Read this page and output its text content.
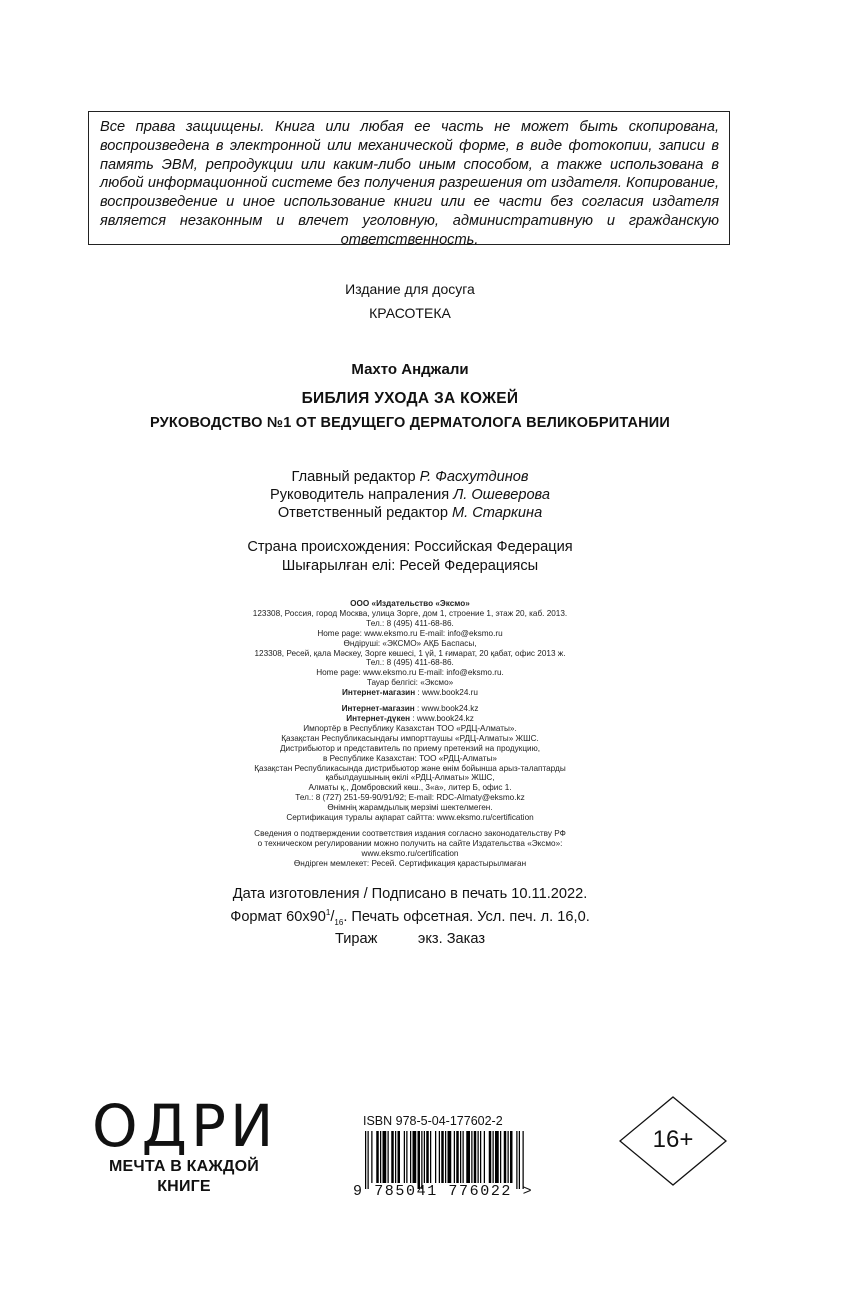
Все права защищены. Книга или любая ее часть не может быть скопирована, воспроизведена в электронной или механической форме, в виде фотокопии, записи в память ЭВМ, репродукции или каким-либо иным способом, а также использована в любой информационной системе без получения разрешения от издателя. Копирование, воспроизведение и иное использование книги или ее части без согласия издателя является незаконным и влечет уголовную, административную и гражданскую ответственность.

Издание для досуга
КРАСОТЕКА
Махто Анджали
БИБЛИЯ УХОДА ЗА КОЖЕЙ
РУКОВОДСТВО №1 ОТ ВЕДУЩЕГО ДЕРМАТОЛОГА ВЕЛИКОБРИТАНИИ
Главный редактор Р. Фасхутдинов
Руководитель напраления Л. Ошеверова
Ответственный редактор М. Старкина
Страна происхождения: Российская Федерация
Шығарылған елі: Ресей Федерациясы
ООО «Издательство «Эксмо»
123308, Россия, город Москва, улица Зорге, дом 1, строение 1, этаж 20, каб. 2013.
Тел.: 8 (495) 411-68-86.
Home page: www.eksmo.ru E-mail: info@eksmo.ru
Өндіруші: «ЭКСМО» АҚБ Баспасы,
123308, Ресей, қала Мәскеу, Зорге көшесі, 1 үй, 1 ғимарат, 20 қабат, офис 2013 ж.
Тел.: 8 (495) 411-68-86.
Home page: www.eksmo.ru E-mail: info@eksmo.ru.
Тауар белгісі: «Эксмо»
Интернет-магазин : www.book24.ru
Интернет-магазин : www.book24.kz
Интернет-дүкен : www.book24.kz
Импортёр в Республику Казахстан ТОО «РДЦ-Алматы».
Қазақстан Республикасындағы импорттаушы «РДЦ-Алматы» ЖШС.
Дистрибьютор и представитель по приему претензий на продукцию,
в Республике Казахстан: ТОО «РДЦ-Алматы»
Қазақстан Республикасында дистрибьютор және өнім бойынша арыз-талаптарды
қабылдаушының өкілі «РДЦ-Алматы» ЖШС,
Алматы қ., Домбровский көш., 3«а», литер Б, офис 1.
Тел.: 8 (727) 251-59-90/91/92; E-mail: RDC-Almaty@eksmo.kz
Өнімнің жарамдылық мерзімі шектелмеген.
Сертификация туралы ақпарат сайтта: www.eksmo.ru/certification
Сведения о подтверждении соответствия издания согласно законодательству РФ
о техническом регулировании можно получить на сайте Издательства «Эксмо»:
www.eksmo.ru/certification
Өндірген мемлекет: Ресей. Сертификация қарастырылмаған
Дата изготовления / Подписано в печать 10.11.2022.
Формат $60х90^1/_{16}$. Печать офсетная. Усл. печ. л. 16,0.
Тираж          экз. Заказ
ОДРИ
МЕЧТА В КАЖДОЙ
КНИГЕ
ISBN 978-5-04-177602-2
9 785041 776022 >
16+
